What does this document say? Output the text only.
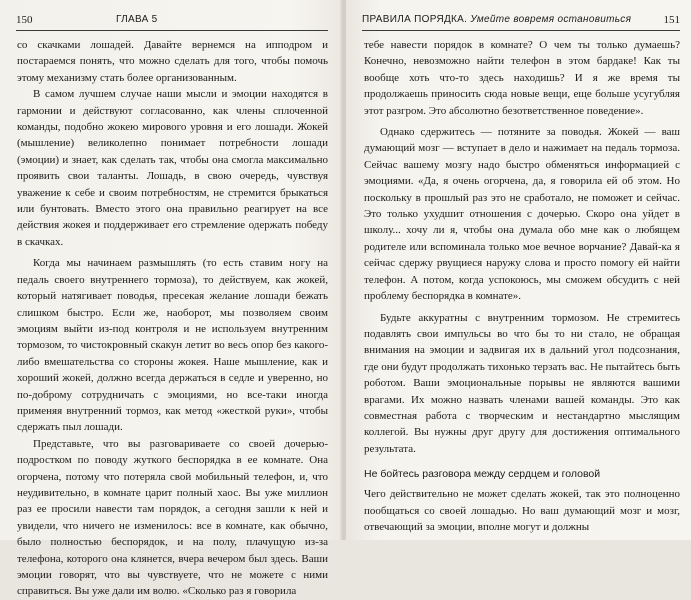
150	ГЛАВА 5

со скачками лошадей. Давайте вернемся на ипподром и постараемся понять, что можно сделать для того, чтобы помочь этому механизму стать более организованным.

В самом лучшем случае наши мысли и эмоции находятся в гармонии и действуют согласованно, как члены сплоченной команды, подобно жокею мирового уровня и его лошади. Жокей (мышление) великолепно понимает потребности лошади (эмоции) и знает, как сделать так, чтобы она смогла максимально проявить свои таланты. Лошадь, в свою очередь, чувствуя уважение к себе и своим потребностям, не стремится брыкаться или бунтовать. Вместо этого она правильно реагирует на все действия жокея и поддерживает его стремление одержать победу в скачках.

Когда мы начинаем размышлять (то есть ставим ногу на педаль своего внутреннего тормоза), то действуем, как жокей, который натягивает поводья, пресекая желание лошади бежать слишком быстро. Если же, наоборот, мы позволяем своим эмоциям выйти из-под контроля и не используем внутренним тормозом, то чистокровный скакун летит во весь опор без какого-либо вмешательства со стороны жокея. Наше мышление, как и хороший жокей, должно всегда держаться в седле и уверенно, но по-доброму сотрудничать с эмоциями, но все-таки иногда применяя внутренний тормоз, как метод «жесткой руки», чтобы сдержать пыл лошади.

Представьте, что вы разговариваете со своей дочерью-подростком по поводу жуткого беспорядка в ее комнате. Она огорчена, потому что потеряла свой мобильный телефон, и, что неудивительно, в комнате царит полный хаос. Вы уже миллион раз ее просили навести там порядок, а сегодня зашли к ней и увидели, что ничего не изменилось: все в комнате, как обычно, было полностью беспорядок, и на полу, плачущую из-за телефона, которого она клянется, вчера вечером был здесь. Ваши эмоции говорят, что вы чувствуете, что не можете с ними справиться. Вы уже дали им волю. «Сколько раз я говорила

ПРАВИЛА ПОРЯДКА. Умейте вовремя остановиться	151

тебе навести порядок в комнате? О чем ты только думаешь? Конечно, невозможно найти телефон в этом бардаке! Как ты вообще хоть что-то здесь находишь? И я же время ты продолжаешь приносить сюда новые вещи, еще больше усугубляя этот разгром. Это абсолютно безответственное поведение».

Однако сдержитесь — потяните за поводья. Жокей — ваш думающий мозг — вступает в дело и нажимает на педаль тормоза. Сейчас вашему мозгу надо быстро обменяться информацией с эмоциями. «Да, я очень огорчена, да, я говорила ей об этом. Но поскольку в прошлый раз это не сработало, не поможет и сейчас. Это только ухудшит отношения с дочерью. Скоро она уйдет в школу... хочу ли я, чтобы она думала обо мне как о любящем родителе или вспоминала только мое вечное ворчание? Давай-ка я сейчас сдержу рвущиеся наружу слова и просто помогу ей найти телефон. А потом, когда успокоюсь, мы сможем обсудить с ней проблему беспорядка в комнате».

Будьте аккуратны с внутренним тормозом. Не стремитесь подавлять свои импульсы во что бы то ни стало, не обращая внимания на эмоции и задвигая их в дальний угол подсознания, где они будут продолжать тихонько терзать вас. Не пытайтесь быть роботом. Ваши эмоциональные порывы не являются вашими врагами. Их можно назвать членами вашей команды. Это как совместная работа с творческим и нестандартно мыслящим коллегой. Вы нужны друг другу для достижения оптимального результата.

Не бойтесь разговора между сердцем и головой

Чего действительно не может сделать жокей, так это полноценно пообщаться со своей лошадью. Но ваш думающий мозг и мозг, отвечающий за эмоции, вполне могут и должны
